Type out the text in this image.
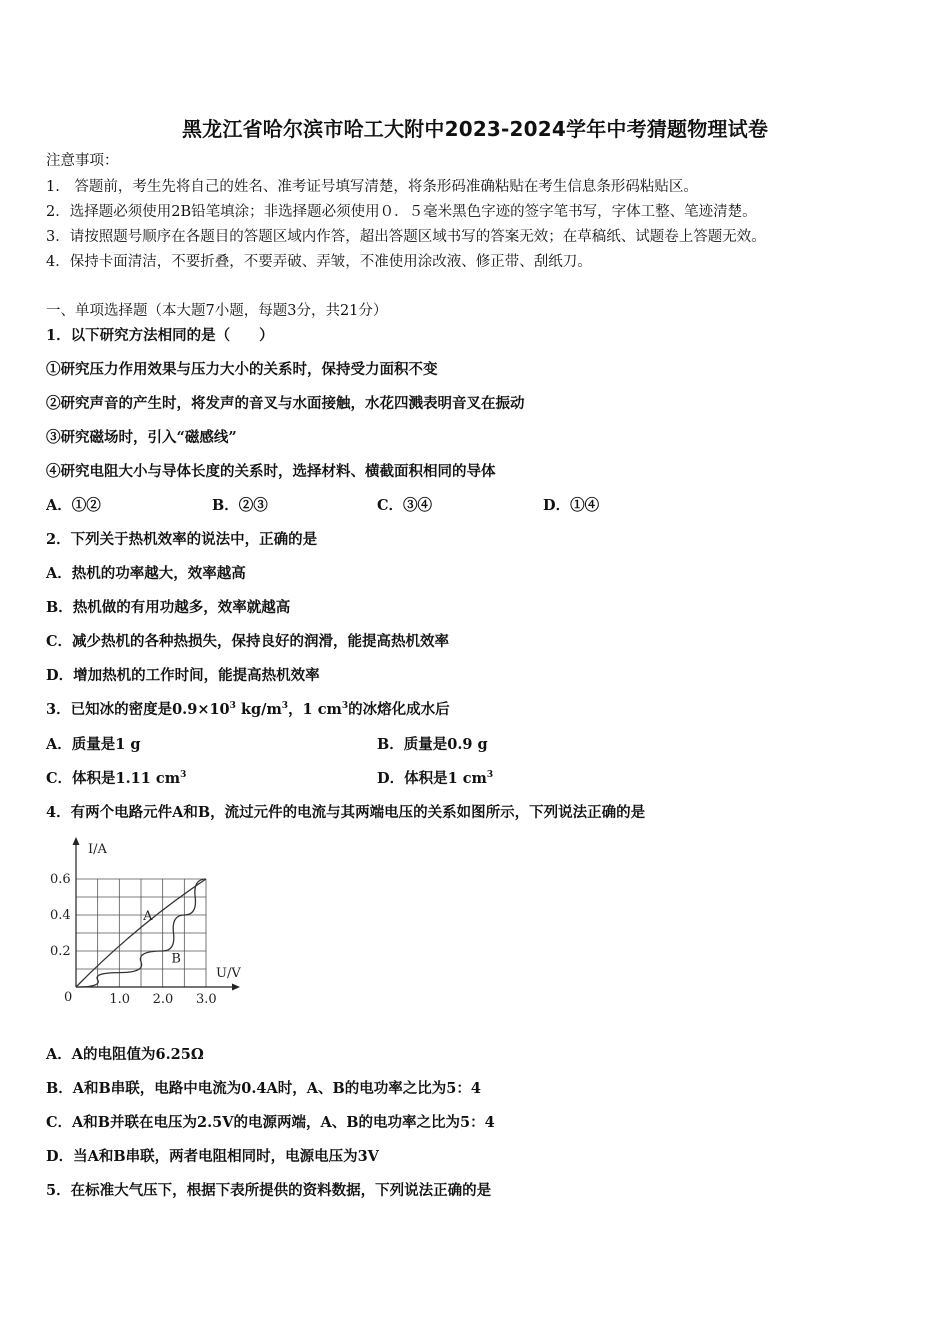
黑龙江省哈尔滨市哈工大附中2023-2024学年中考猜题物理试卷
注意事项：
1.　答题前，考生先将自己的姓名、准考证号填写清楚，将条形码准确粘贴在考生信息条形码粘贴区。
2．选择题必须使用2B铅笔填涂；非选择题必须使用０．５毫米黑色字迹的签字笔书写，字体工整、笔迹清楚。
3．请按照题号顺序在各题目的答题区域内作答，超出答题区域书写的答案无效；在草稿纸、试题卷上答题无效。
4．保持卡面清洁，不要折叠，不要弄破、弄皱，不准使用涂改液、修正带、刮纸刀。
一、单项选择题（本大题7小题，每题3分，共21分）
1．以下研究方法相同的是（　　）
①研究压力作用效果与压力大小的关系时，保持受力面积不变
②研究声音的产生时，将发声的音叉与水面接触，水花四溅表明音叉在振动
③研究磁场时，引入“磁感线”
④研究电阻大小与导体长度的关系时，选择材料、横截面积相同的导体
A．①②	B．②③	C．③④	D．①④
2．下列关于热机效率的说法中，正确的是
A．热机的功率越大，效率越高
B．热机做的有用功越多，效率就越高
C．减少热机的各种热损失，保持良好的润滑，能提高热机效率
D．增加热机的工作时间，能提高热机效率
3．已知冰的密度是$0.9\times 10^3$ $kg/m^3$，1 $cm^3$的冰熔化成水后
A．质量是1 g	B．质量是0.9 g
C．体积是1.11 $cm^3$	D．体积是1 $cm^3$
4．有两个电路元件A和B，流过元件的电流与其两端电压的关系如图所示，下列说法正确的是
A
B
I/A
U/V
0	1.0 2.0 3.0
0.2
0.4
0.6
A．A的电阻值为6.25Ω
B．A和B串联，电路中电流为0.4A时，A、B的电功率之比为5：4
C．A和B并联在电压为2.5V的电源两端，A、B的电功率之比为5：4
D．当A和B串联，两者电阻相同时，电源电压为3V
5．在标准大气压下，根据下表所提供的资料数据，下列说法正确的是
